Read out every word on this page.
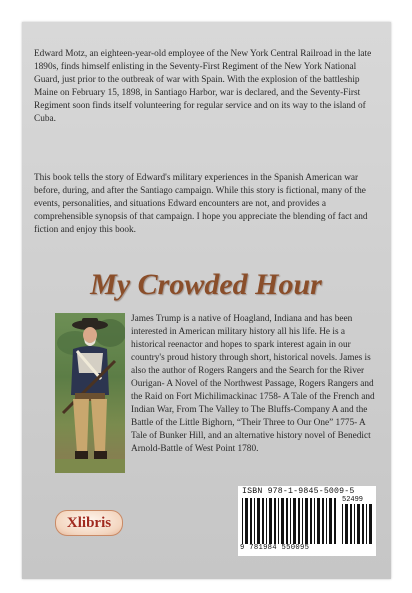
Edward Motz, an eighteen-year-old employee of the New York Central Railroad in the late 1890s, finds himself enlisting in the Seventy-First Regiment of the New York National Guard, just prior to the outbreak of war with Spain. With the explosion of the battleship Maine on February 15, 1898, in Santiago Harbor, war is declared, and the Seventy-First Regiment soon finds itself volunteering for regular service and on its way to the island of Cuba.

This book tells the story of Edward's military experiences in the Spanish American war before, during, and after the Santiago campaign. While this story is fictional, many of the events, personalities, and situations Edward encounters are not, and provides a comprehensible synopsis of that campaign. I hope you appreciate the blending of fact and fiction and enjoy this book.

My Crowded Hour

James Trump is a native of Hoagland, Indiana and has been interested in American military history all his life. He is a historical reenactor and hopes to spark interest again in our country's proud history through short, historical novels. James is also the author of Rogers Rangers and the Search for the River Ourigan- A Novel of the Northwest Passage, Rogers Rangers and the Raid on Fort Michilimackinac 1758- A Tale of the French and Indian War, From The Valley to The Bluffs-Company A and the Battle of the Little Bighorn, “Their Three to Our One” 1775- A Tale of Bunker Hill, and an alternative history novel of Benedict Arnold-Battle of West Point 1780.

Xlibris
ISBN 978-1-9845-5009-5
52499
9 781984 550095
